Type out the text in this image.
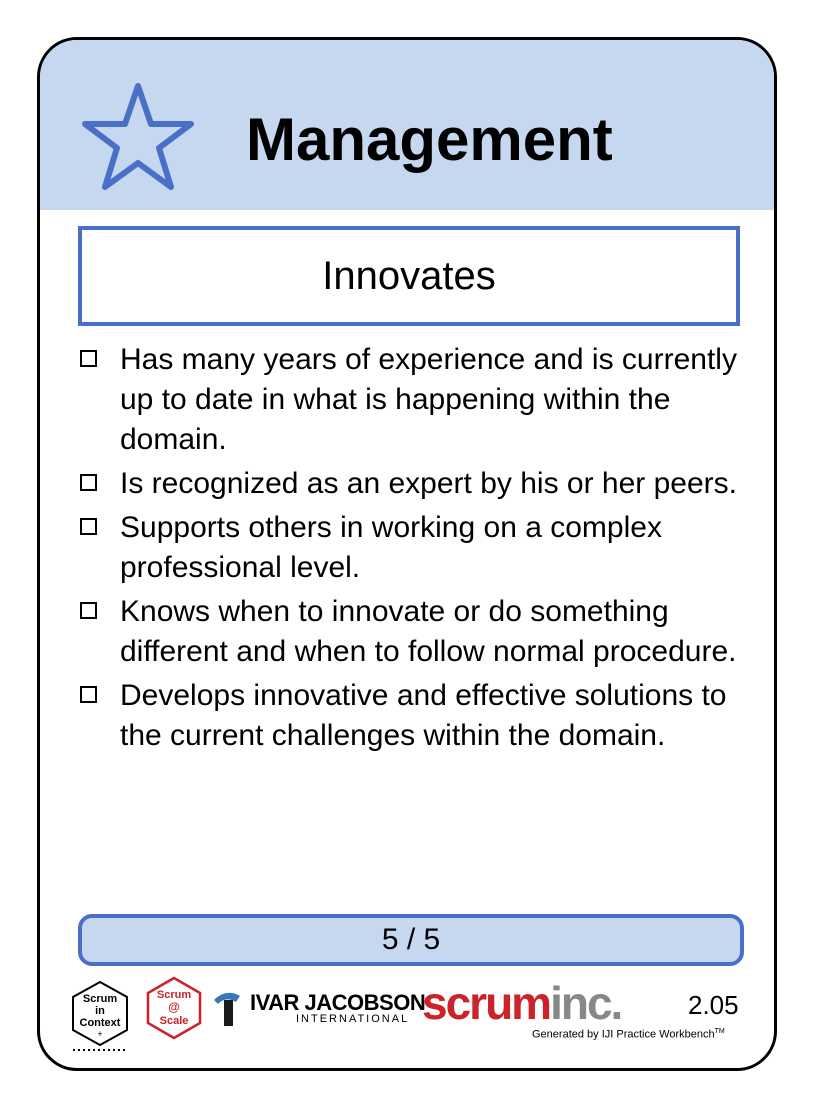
Management
Innovates
Has many years of experience and is currently up to date in what is happening within the domain.
Is recognized as an expert by his or her peers.
Supports others in working on a complex professional level.
Knows when to innovate or do something different and when to follow normal procedure.
Develops innovative and effective solutions to the current challenges within the domain.
5 / 5
Scrum
in
Context
+
Scrum
@
Scale
IVAR JACOBSON
INTERNATIONAL scruminc.	2.05
Generated by IJI Practice Workbench™
